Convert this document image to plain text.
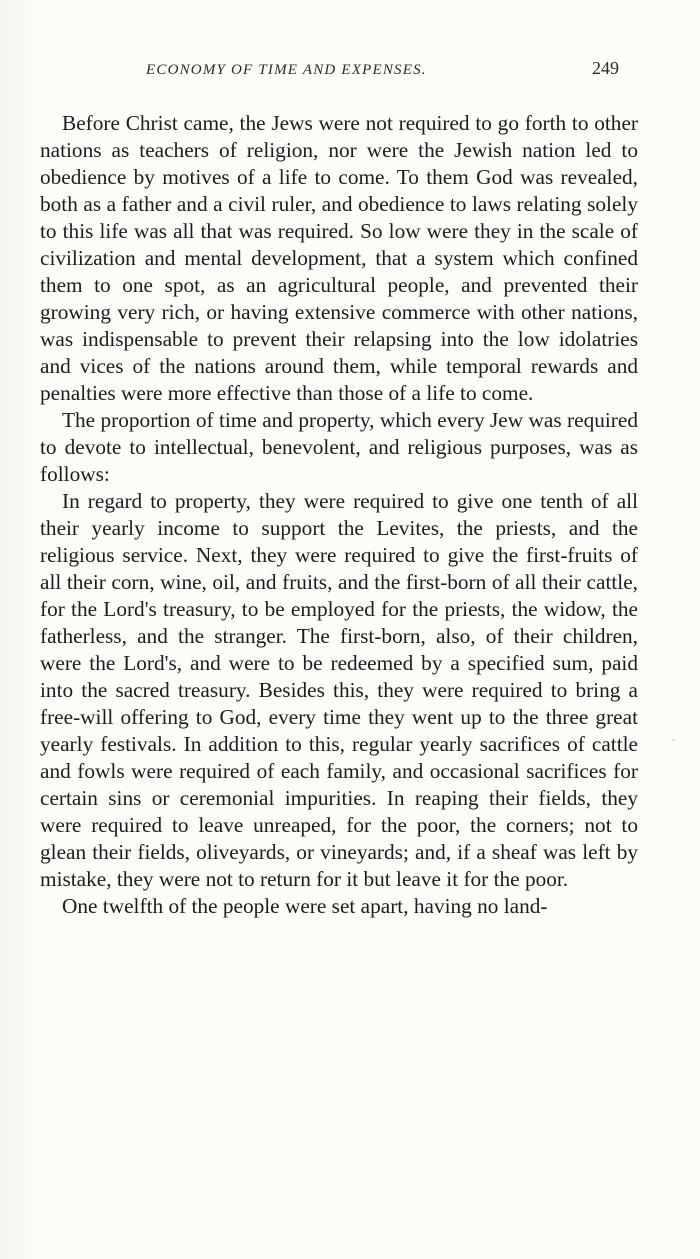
ECONOMY OF TIME AND EXPENSES.	249

Before Christ came, the Jews were not required to go forth to other nations as teachers of religion, nor were the Jewish nation led to obedience by motives of a life to come. To them God was revealed, both as a father and a civil ruler, and obedience to laws relating solely to this life was all that was required. So low were they in the scale of civilization and mental development, that a system which confined them to one spot, as an agricultural people, and prevented their growing very rich, or having extensive commerce with other nations, was indispensable to prevent their relapsing into the low idolatries and vices of the nations around them, while temporal rewards and penalties were more effective than those of a life to come.

The proportion of time and property, which every Jew was required to devote to intellectual, benevolent, and religious purposes, was as follows:

In regard to property, they were required to give one tenth of all their yearly income to support the Levites, the priests, and the religious service. Next, they were required to give the first-fruits of all their corn, wine, oil, and fruits, and the first-born of all their cattle, for the Lord's treasury, to be employed for the priests, the widow, the fatherless, and the stranger. The first-born, also, of their children, were the Lord's, and were to be redeemed by a specified sum, paid into the sacred treasury. Besides this, they were required to bring a free-will offering to God, every time they went up to the three great yearly festivals. In addition to this, regular yearly sacrifices of cattle and fowls were required of each family, and occasional sacrifices for certain sins or ceremonial impurities. In reaping their fields, they were required to leave unreaped, for the poor, the corners; not to glean their fields, oliveyards, or vineyards; and, if a sheaf was left by mistake, they were not to return for it but leave it for the poor.

One twelfth of the people were set apart, having no land-

·
